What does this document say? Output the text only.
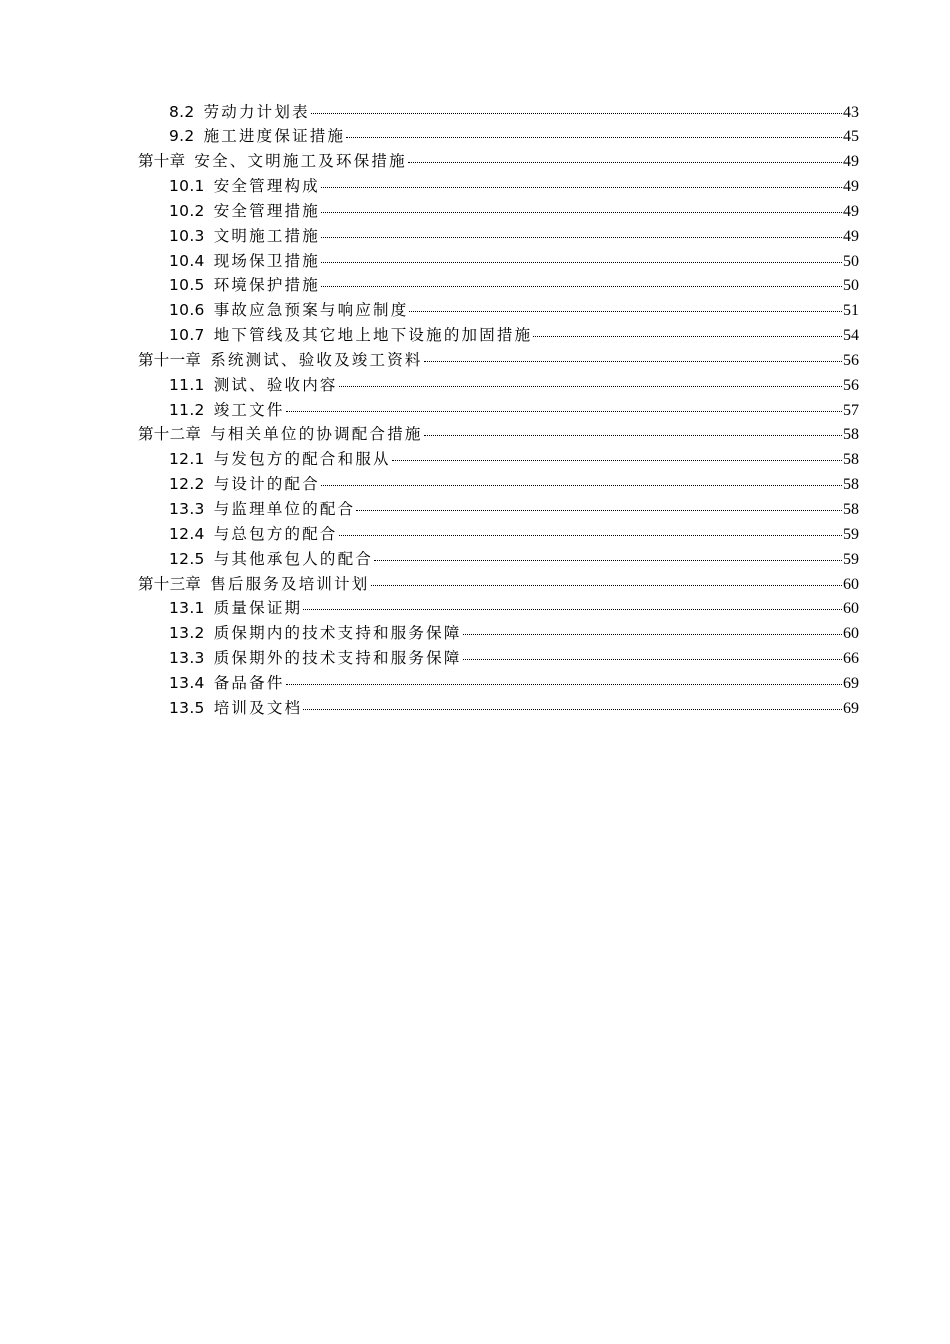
8.2 劳动力计划表	43
9.2 施工进度保证措施	45
第十章 安全、文明施工及环保措施	49
10.1 安全管理构成	49
10.2 安全管理措施	49
10.3 文明施工措施	49
10.4 现场保卫措施	50
10.5 环境保护措施	50
10.6 事故应急预案与响应制度	51
10.7 地下管线及其它地上地下设施的加固措施	54
第十一章 系统测试、验收及竣工资料	56
11.1 测试、验收内容	56
11.2 竣工文件	57
第十二章 与相关单位的协调配合措施	58
12.1 与发包方的配合和服从	58
12.2 与设计的配合	58
13.3 与监理单位的配合	58
12.4 与总包方的配合	59
12.5 与其他承包人的配合	59
第十三章 售后服务及培训计划	60
13.1 质量保证期	60
13.2 质保期内的技术支持和服务保障	60
13.3 质保期外的技术支持和服务保障	66
13.4 备品备件	69
13.5 培训及文档	69
